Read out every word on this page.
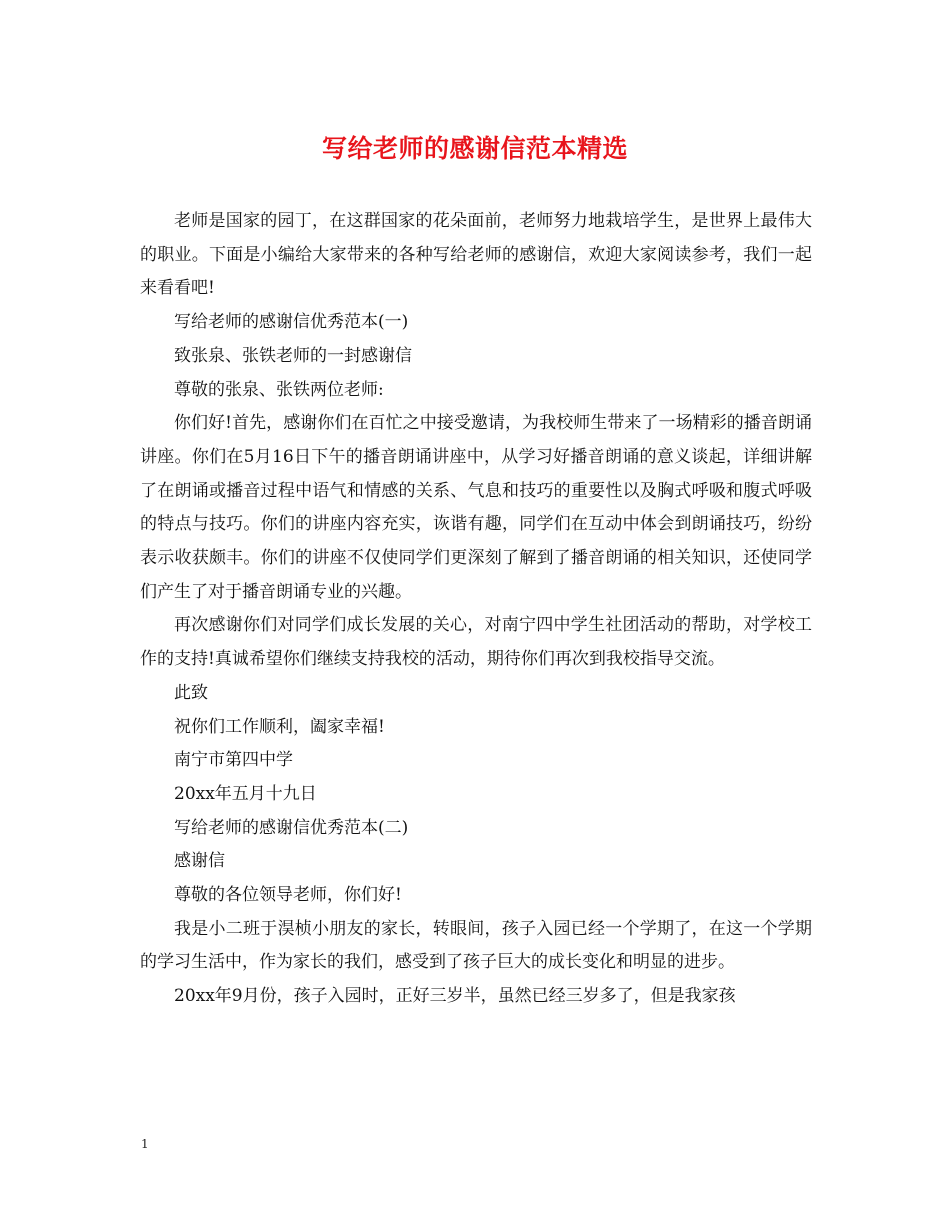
写给老师的感谢信范本精选

老师是国家的园丁，在这群国家的花朵面前，老师努力地栽培学生，是世界上最伟大的职业。下面是小编给大家带来的各种写给老师的感谢信，欢迎大家阅读参考，我们一起来看看吧!

写给老师的感谢信优秀范本(一)

致张泉、张铁老师的一封感谢信

尊敬的张泉、张铁两位老师:

你们好!首先，感谢你们在百忙之中接受邀请，为我校师生带来了一场精彩的播音朗诵讲座。你们在5月16日下午的播音朗诵讲座中，从学习好播音朗诵的意义谈起，详细讲解了在朗诵或播音过程中语气和情感的关系、气息和技巧的重要性以及胸式呼吸和腹式呼吸的特点与技巧。你们的讲座内容充实，诙谐有趣，同学们在互动中体会到朗诵技巧，纷纷表示收获颇丰。你们的讲座不仅使同学们更深刻了解到了播音朗诵的相关知识，还使同学们产生了对于播音朗诵专业的兴趣。

再次感谢你们对同学们成长发展的关心，对南宁四中学生社团活动的帮助，对学校工作的支持!真诚希望你们继续支持我校的活动，期待你们再次到我校指导交流。

此致

祝你们工作顺利，阖家幸福!

南宁市第四中学

20xx年五月十九日

写给老师的感谢信优秀范本(二)

感谢信

尊敬的各位领导老师，你们好!

我是小二班于淏桢小朋友的家长，转眼间，孩子入园已经一个学期了，在这一个学期的学习生活中，作为家长的我们，感受到了孩子巨大的成长变化和明显的进步。

20xx年9月份，孩子入园时，正好三岁半，虽然已经三岁多了，但是我家孩

1
